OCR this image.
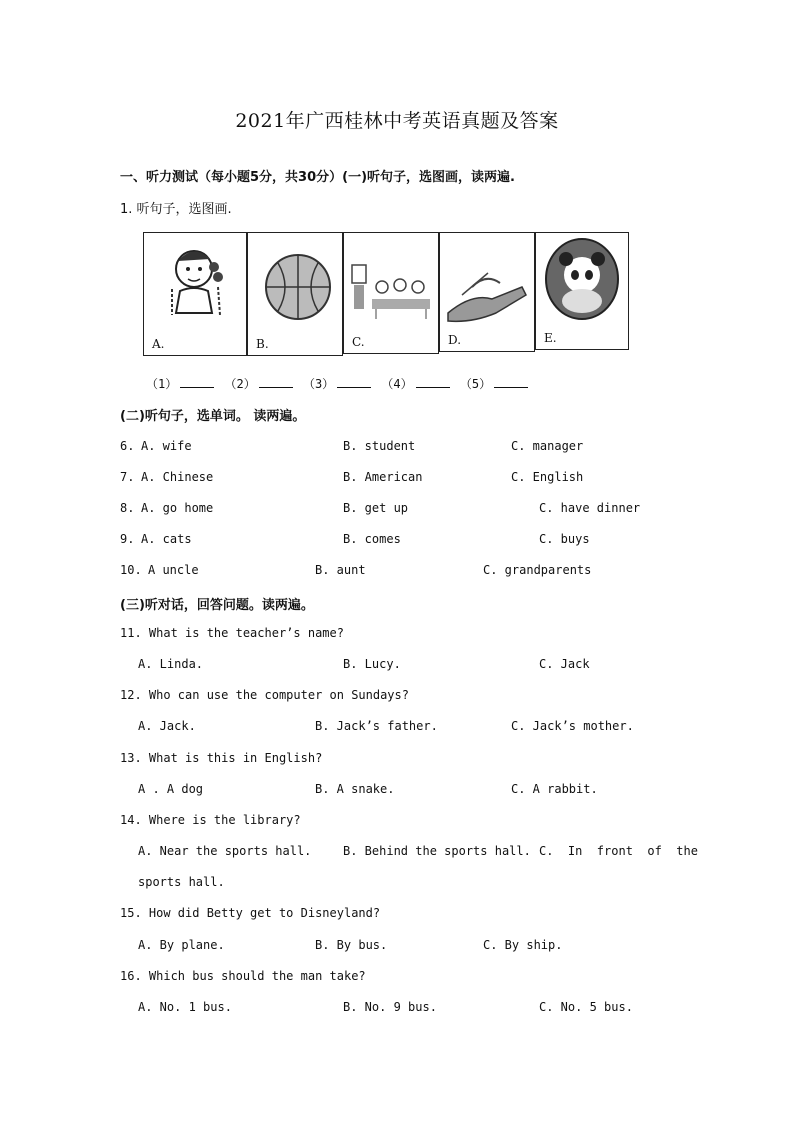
2021年广西桂林中考英语真题及答案
一、听力测试（每小题5分，共30分）(一)听句子，选图画，读两遍.
1. 听句子，选图画.
A.	B.	C.	D.	E.
（1）	（2）	（3）	（4）	（5）
(二)听句子，选单词。 读两遍。
6. A. wife	B. student	C. manager
7. A. Chinese	B. American	C. English
8. A. go home	B. get up	C. have dinner
9. A. cats	B. comes	C. buys
10. A uncle	B. aunt	C. grandparents
(三)听对话，回答问题。读两遍。
11. What is the teacher’s name?
A. Linda.	B. Lucy.	C. Jack
12. Who can use the computer on Sundays?
A. Jack.	B. Jack’s father.	C. Jack’s mother.
13. What is this in English?
A . A dog	B. A snake.	C. A rabbit.
14. Where is the library?
A. Near the sports hall.	B. Behind the sports hall. C.  In  front  of  the
sports hall.
15. How did Betty get to Disneyland?
A. By plane.	B. By bus.	C. By ship.
16. Which bus should the man take?
A. No. 1 bus.	B. No. 9 bus.	C. No. 5 bus.
